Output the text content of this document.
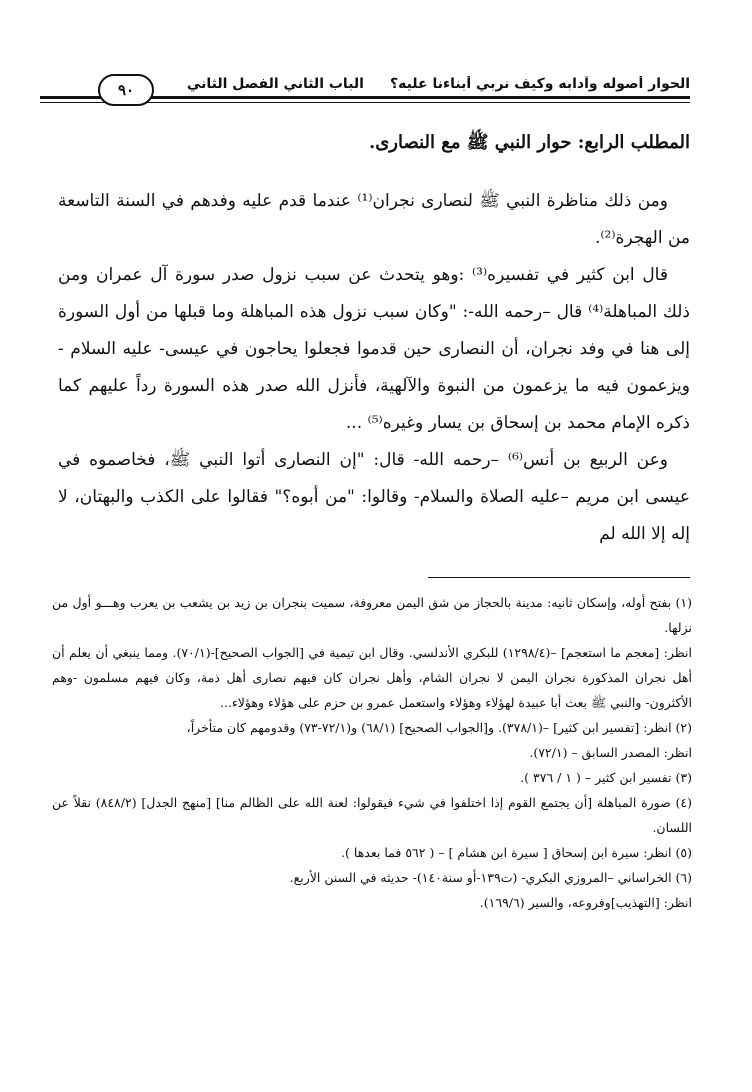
الحوار أصوله وآدابه وكيف نربي أبناءنا عليه؟الباب الثاني الفصل الثاني
٩٠

المطلب الرابع: حوار النبي ﷺ مع النصارى.

ومن ذلك مناظرة النبي ﷺ لنصارى نجران⁽¹⁾ عندما قدم عليه وفدهم في السنة التاسعة من الهجرة⁽²⁾.

قال ابن كثير في تفسيره⁽³⁾ :وهو يتحدث عن سبب نزول صدر سورة آل عمران ومن ذلك المباهلة⁽⁴⁾ قال –رحمه الله-: "وكان سبب نزول هذه المباهلة وما قبلها من أول السورة إلى هنا في وفد نجران، أن النصارى حين قدموا فجعلوا يحاجون في عيسى- عليه السلام - ويزعمون فيه ما يزعمون من النبوة والآلهية، فأنزل الله صدر هذه السورة رداً عليهم كما ذكره الإمام محمد بن إسحاق بن يسار وغيره⁽⁵⁾ ...

وعن الربيع بن أنس⁽⁶⁾ –رحمه الله- قال: "إن النصارى أتوا النبي ﷺ، فخاصموه في عيسى ابن مريم –عليه الصلاة والسلام- وقالوا: "من أبوه؟" فقالوا على الكذب والبهتان، لا إله إلا الله لم

(١) بفتح أوله، وإسكان ثانيه: مدينة بالحجاز من شق اليمن معروفة، سميت بنجران بن زيد بن يشعب بن يعرب وهـــو أول من نزلها.

انظر: [معجم ما استعجم] –(١٢٩٨/٤) للبكري الأندلسي. وقال ابن تيمية في [الجواب الصحيح]-(٧٠/١). ومما ينبغي أن يعلم أن أهل نجران المذكورة نجران اليمن لا نجران الشام، وأهل نجران كان فيهم نصارى أهل ذمة، وكان فيهم مسلمون -وهم الأكثرون- والنبي ﷺ بعث أبا عبيدة لهؤلاء وهؤلاء واستعمل عمرو بن حزم على هؤلاء وهؤلاء...

(٢) انظر: [تفسير ابن كثير] –(٣٧٨/١). و[الجواب الصحيح] (٦٨/١) و(٧٢/١-٧٣) وقدومهم كان متأخراً،

انظر: المصدر السابق – (٧٢/١).

(٣) تفسير ابن كثير – ( ١ / ٣٧٦ ).

(٤) صورة المباهلة [أن يجتمع القوم إذا اختلفوا في شيء فيقولوا: لعنة الله على الظالم منا] [منهج الجدل] (٨٤٨/٢) نقلاً عن اللسان.

(٥) انظر: سيرة ابن إسحاق [ سيرة ابن هشام ] – ( ٥٦٢ فما بعدها ).

(٦) الخراساني –المروزي البكري- (ت١٣٩-أو سنة١٤٠)- حديثه في السنن الأربع.

انظر: [التهذيب]وفروعه، والسير (١٦٩/٦).
